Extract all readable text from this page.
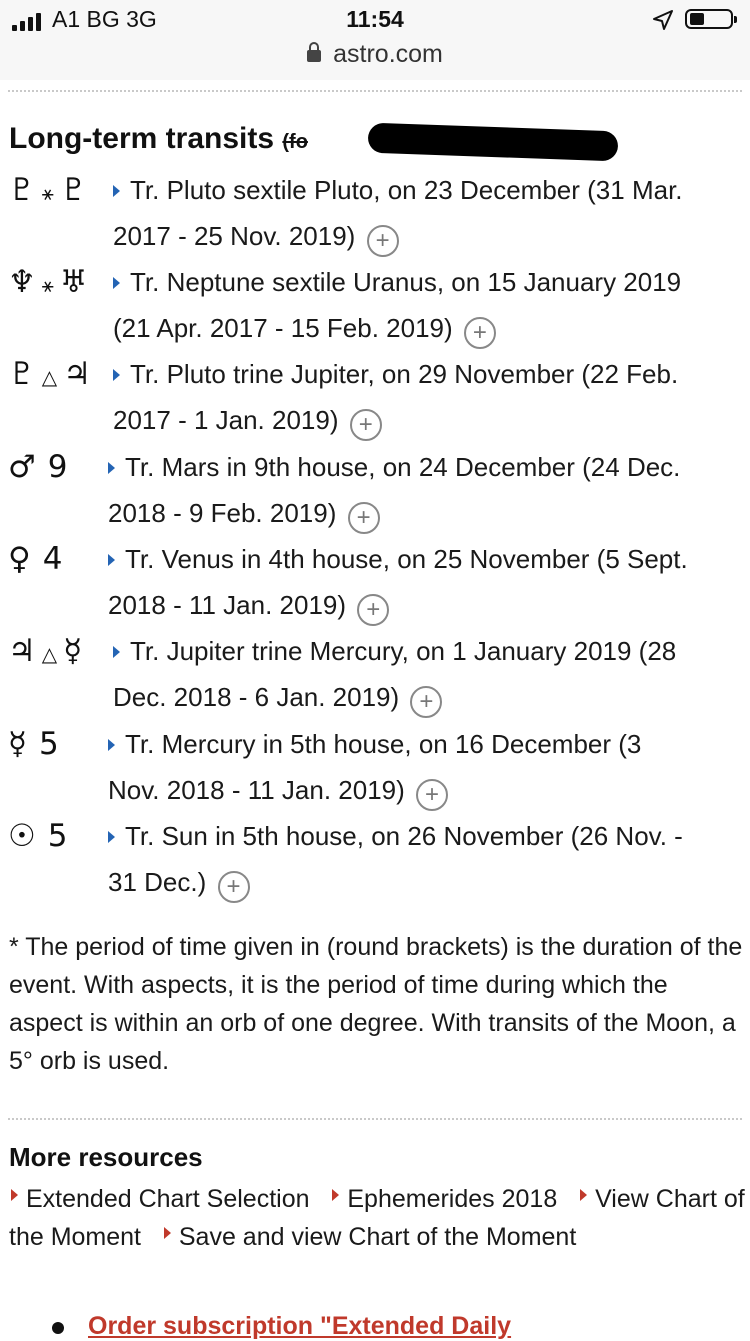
A1 BG 3G	11:54
astro.com
Long-term transits (fo
♇ ⚹ ♇	Tr. Pluto sextile Pluto, on 23 December (31 Mar.
2017 - 25 Nov. 2019) +
♆ ⚹ ♅	Tr. Neptune sextile Uranus, on 15 January 2019
(21 Apr. 2017 - 15 Feb. 2019) +
♇ △ ♃	Tr. Pluto trine Jupiter, on 29 November (22 Feb.
2017 - 1 Jan. 2019) +
♂ 9	Tr. Mars in 9th house, on 24 December (24 Dec.
2018 - 9 Feb. 2019) +
♀ 4	Tr. Venus in 4th house, on 25 November (5 Sept.
2018 - 11 Jan. 2019) +
♃ △ ☿	Tr. Jupiter trine Mercury, on 1 January 2019 (28
Dec. 2018 - 6 Jan. 2019) +
☿ 5	Tr. Mercury in 5th house, on 16 December (3
Nov. 2018 - 11 Jan. 2019) +
☉ 5	Tr. Sun in 5th house, on 26 November (26 Nov. -
31 Dec.) +
* The period of time given in (round brackets) is the duration of the event. With aspects, it is the period of time during which the aspect is within an orb of one degree. With transits of the Moon, a 5° orb is used.
More resources
Extended Chart Selection Ephemerides 2018 View Chart of the Moment Save and view Chart of the Moment
Order subscription "Extended Daily
